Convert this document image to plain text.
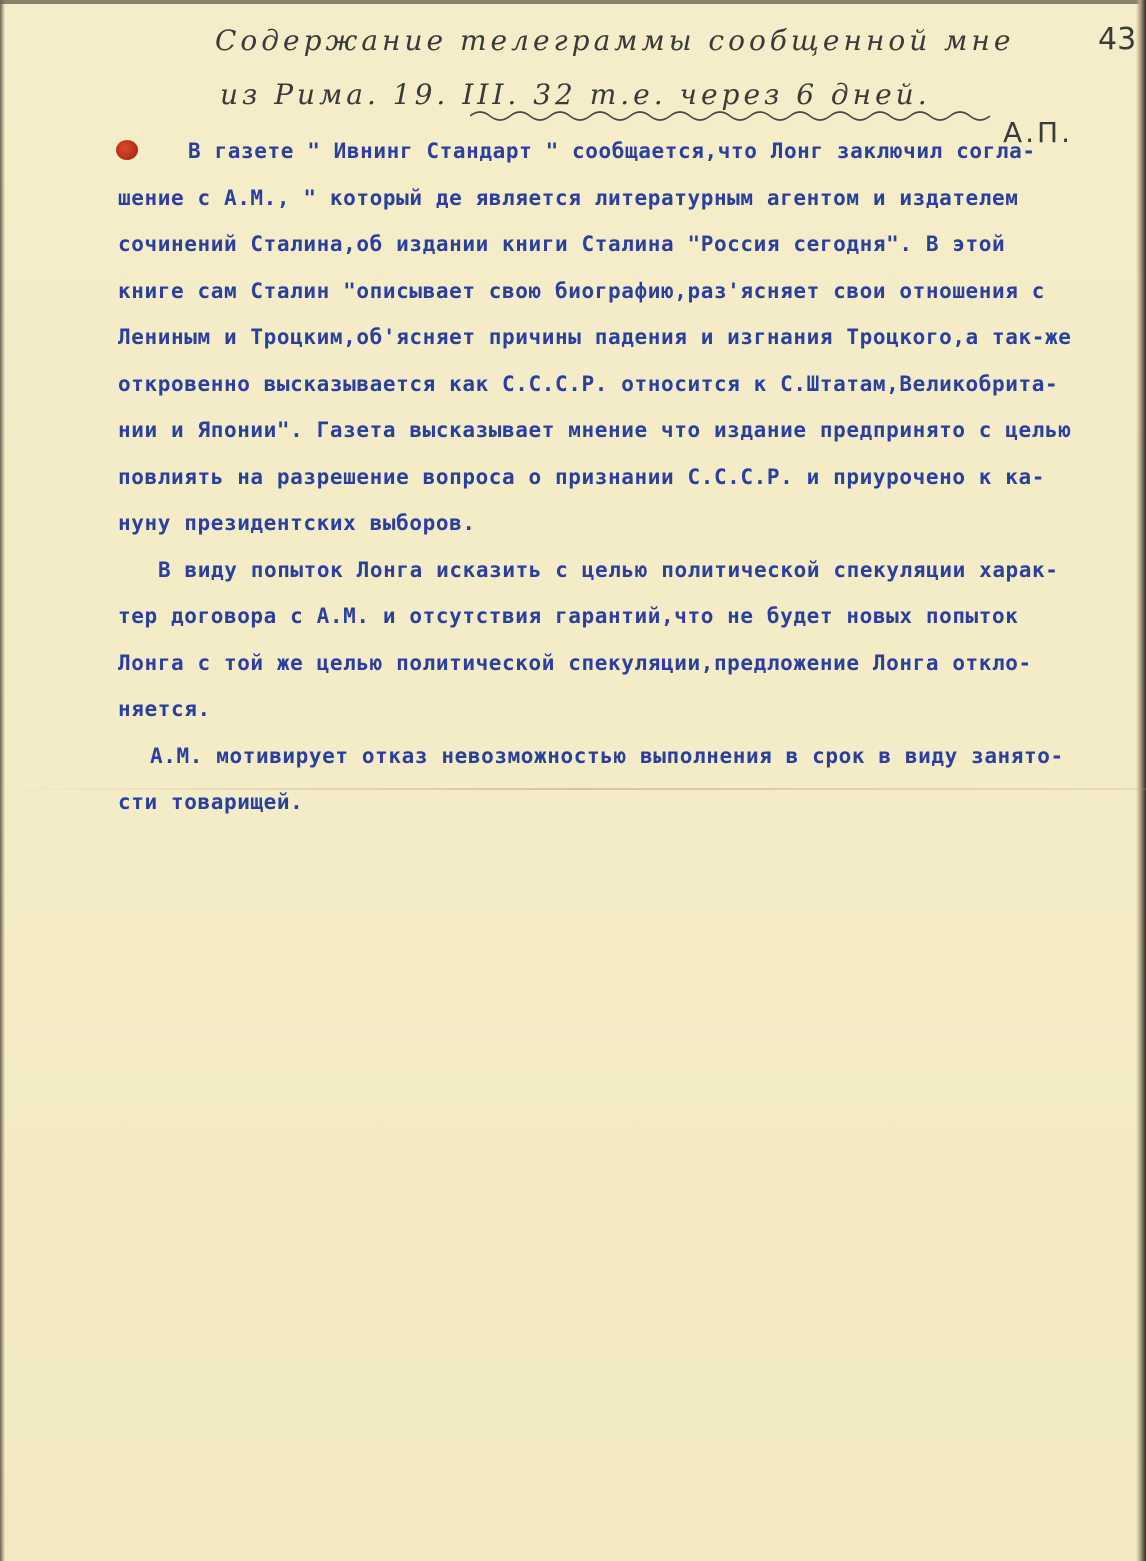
Содержание телеграммы сообщенной мне
из Рима. 19. III. 32 т.е. через 6 дней.
43
А.П.
В газете " Ивнинг Стандарт " сообщается,что Лонг заключил согла-
шение с А.М., " который де является литературным агентом и издателем
сочинений Сталина,об издании книги Сталина "Россия сегодня". В этой
книге сам Сталин "описывает свою биографию,раз'ясняет свои отношения с
Лениным и Троцким,об'ясняет причины падения и изгнания Троцкого,а так-же
откровенно высказывается как С.С.С.Р. относится к С.Штатам,Великобрита-
нии и Японии". Газета высказывает мнение что издание предпринято с целью
повлиять на разрешение вопроса о признании С.С.С.Р. и приурочено к ка-
нуну президентских выборов.
В виду попыток Лонга исказить с целью политической спекуляции харак-
тер договора с А.М. и отсутствия гарантий,что не будет новых попыток
Лонга с той же целью политической спекуляции,предложение Лонга откло-
няется.
А.М. мотивирует отказ невозможностью выполнения в срок в виду занято-
сти товарищей.
